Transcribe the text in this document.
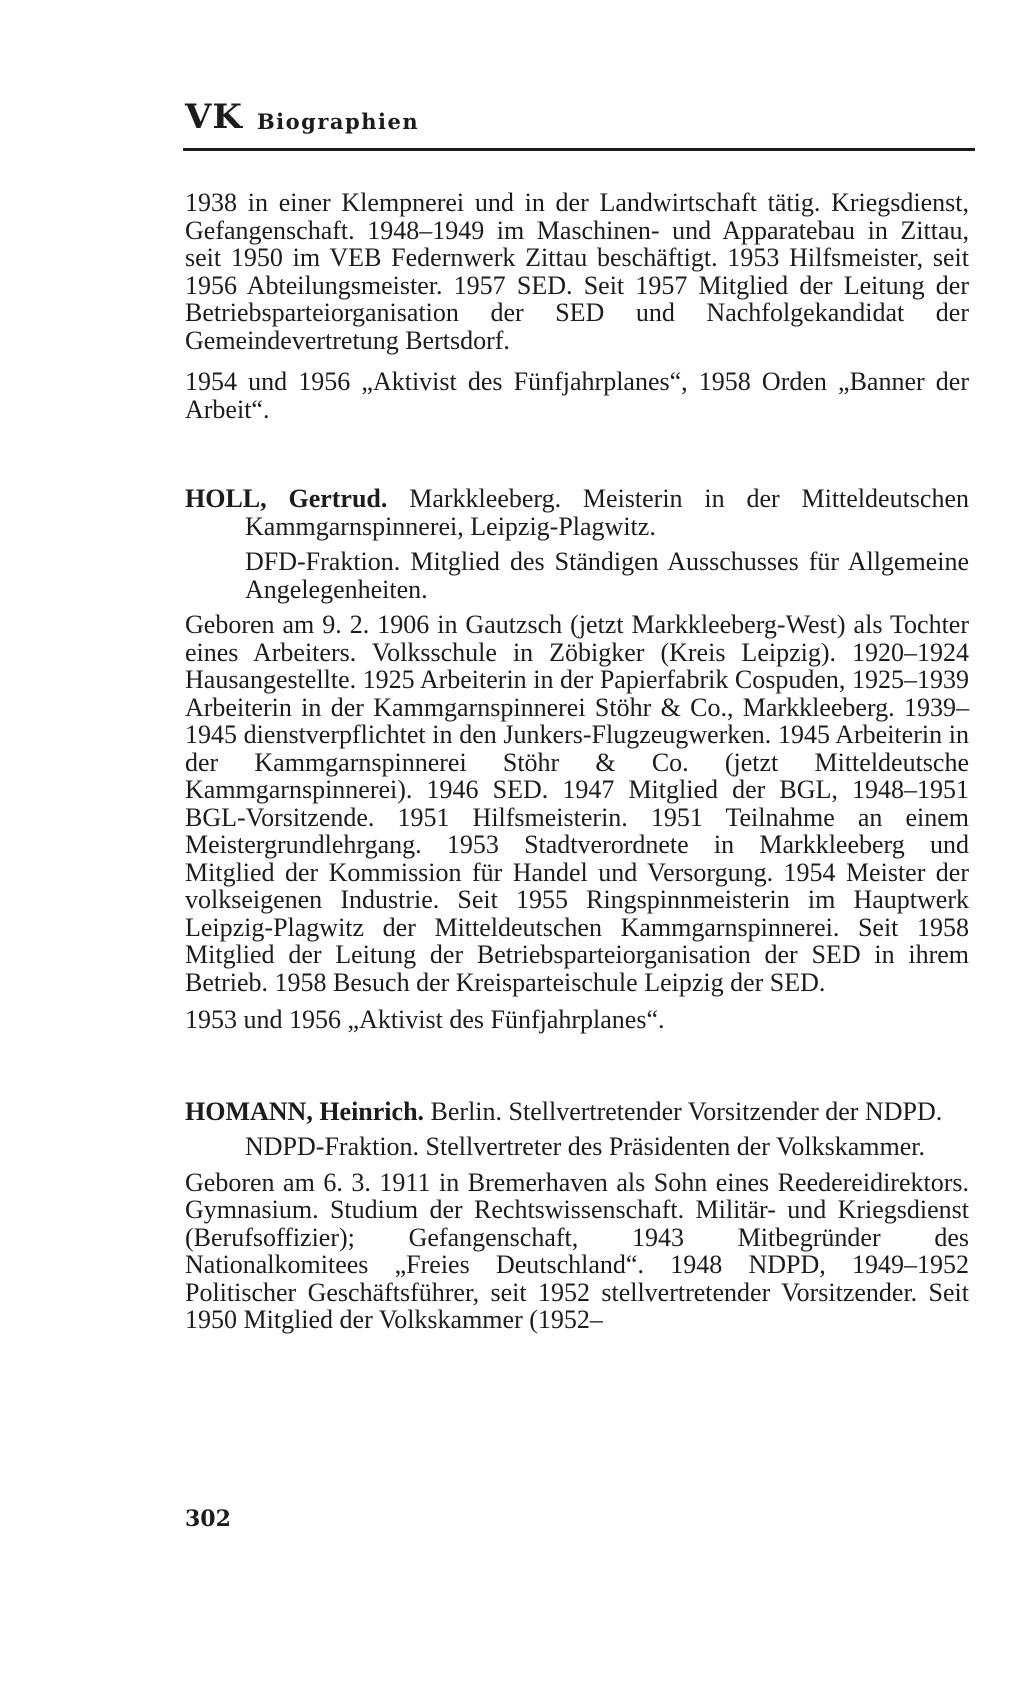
VK Biographien

1938 in einer Klempnerei und in der Landwirtschaft tätig. Kriegsdienst, Gefangenschaft. 1948–1949 im Maschinen- und Apparatebau in Zittau, seit 1950 im VEB Federnwerk Zittau beschäftigt. 1953 Hilfsmeister, seit 1956 Abteilungsmeister. 1957 SED. Seit 1957 Mitglied der Leitung der Betriebsparteiorganisation der SED und Nachfolgekandidat der Gemeindevertretung Bertsdorf.

1954 und 1956 „Aktivist des Fünfjahrplanes“, 1958 Orden „Banner der Arbeit“.

HOLL, Gertrud. Markkleeberg. Meisterin in der Mitteldeutschen Kammgarnspinnerei, Leipzig-Plagwitz.

DFD-Fraktion. Mitglied des Ständigen Ausschusses für Allgemeine Angelegenheiten.

Geboren am 9. 2. 1906 in Gautzsch (jetzt Markkleeberg-West) als Tochter eines Arbeiters. Volksschule in Zöbigker (Kreis Leipzig). 1920–1924 Hausangestellte. 1925 Arbeiterin in der Papierfabrik Cospuden, 1925–1939 Arbeiterin in der Kammgarnspinnerei Stöhr & Co., Markkleeberg. 1939–1945 dienstverpflichtet in den Junkers-Flugzeugwerken. 1945 Arbeiterin in der Kammgarnspinnerei Stöhr & Co. (jetzt Mitteldeutsche Kammgarnspinnerei). 1946 SED. 1947 Mitglied der BGL, 1948–1951 BGL-Vorsitzende. 1951 Hilfsmeisterin. 1951 Teilnahme an einem Meistergrundlehrgang. 1953 Stadtverordnete in Markkleeberg und Mitglied der Kommission für Handel und Versorgung. 1954 Meister der volkseigenen Industrie. Seit 1955 Ringspinnmeisterin im Hauptwerk Leipzig-Plagwitz der Mitteldeutschen Kammgarnspinnerei. Seit 1958 Mitglied der Leitung der Betriebsparteiorganisation der SED in ihrem Betrieb. 1958 Besuch der Kreisparteischule Leipzig der SED.

1953 und 1956 „Aktivist des Fünfjahrplanes“.

HOMANN, Heinrich. Berlin. Stellvertretender Vorsitzender der NDPD.

NDPD-Fraktion. Stellvertreter des Präsidenten der Volkskammer.

Geboren am 6. 3. 1911 in Bremerhaven als Sohn eines Reedereidirektors. Gymnasium. Studium der Rechtswissenschaft. Militär- und Kriegsdienst (Berufsoffizier); Gefangenschaft, 1943 Mitbegründer des Nationalkomitees „Freies Deutschland“. 1948 NDPD, 1949–1952 Politischer Geschäftsführer, seit 1952 stellvertretender Vorsitzender. Seit 1950 Mitglied der Volkskammer (1952–

302
